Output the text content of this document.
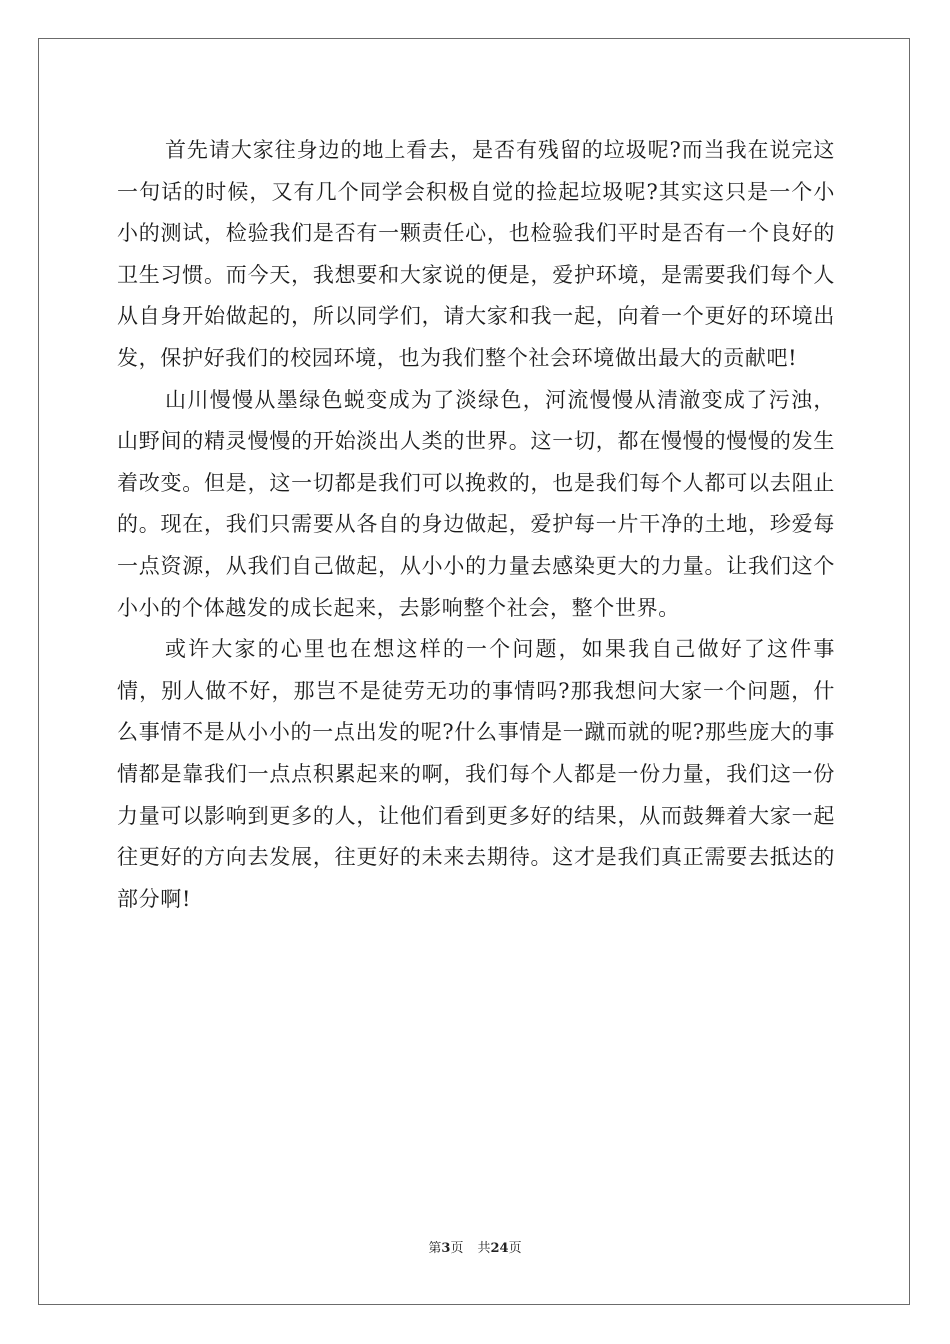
首先请大家往身边的地上看去，是否有残留的垃圾呢?而当我在说完这一句话的时候，又有几个同学会积极自觉的捡起垃圾呢?其实这只是一个小小的测试，检验我们是否有一颗责任心，也检验我们平时是否有一个良好的卫生习惯。而今天，我想要和大家说的便是，爱护环境，是需要我们每个人从自身开始做起的，所以同学们，请大家和我一起，向着一个更好的环境出发，保护好我们的校园环境，也为我们整个社会环境做出最大的贡献吧!

山川慢慢从墨绿色蜕变成为了淡绿色，河流慢慢从清澈变成了污浊，山野间的精灵慢慢的开始淡出人类的世界。这一切，都在慢慢的慢慢的发生着改变。但是，这一切都是我们可以挽救的，也是我们每个人都可以去阻止的。现在，我们只需要从各自的身边做起，爱护每一片干净的土地，珍爱每一点资源，从我们自己做起，从小小的力量去感染更大的力量。让我们这个小小的个体越发的成长起来，去影响整个社会，整个世界。

或许大家的心里也在想这样的一个问题，如果我自己做好了这件事情，别人做不好，那岂不是徒劳无功的事情吗?那我想问大家一个问题，什么事情不是从小小的一点出发的呢?什么事情是一蹴而就的呢?那些庞大的事情都是靠我们一点点积累起来的啊，我们每个人都是一份力量，我们这一份力量可以影响到更多的人，让他们看到更多好的结果，从而鼓舞着大家一起往更好的方向去发展，往更好的未来去期待。这才是我们真正需要去抵达的部分啊!

第3页 共24页
